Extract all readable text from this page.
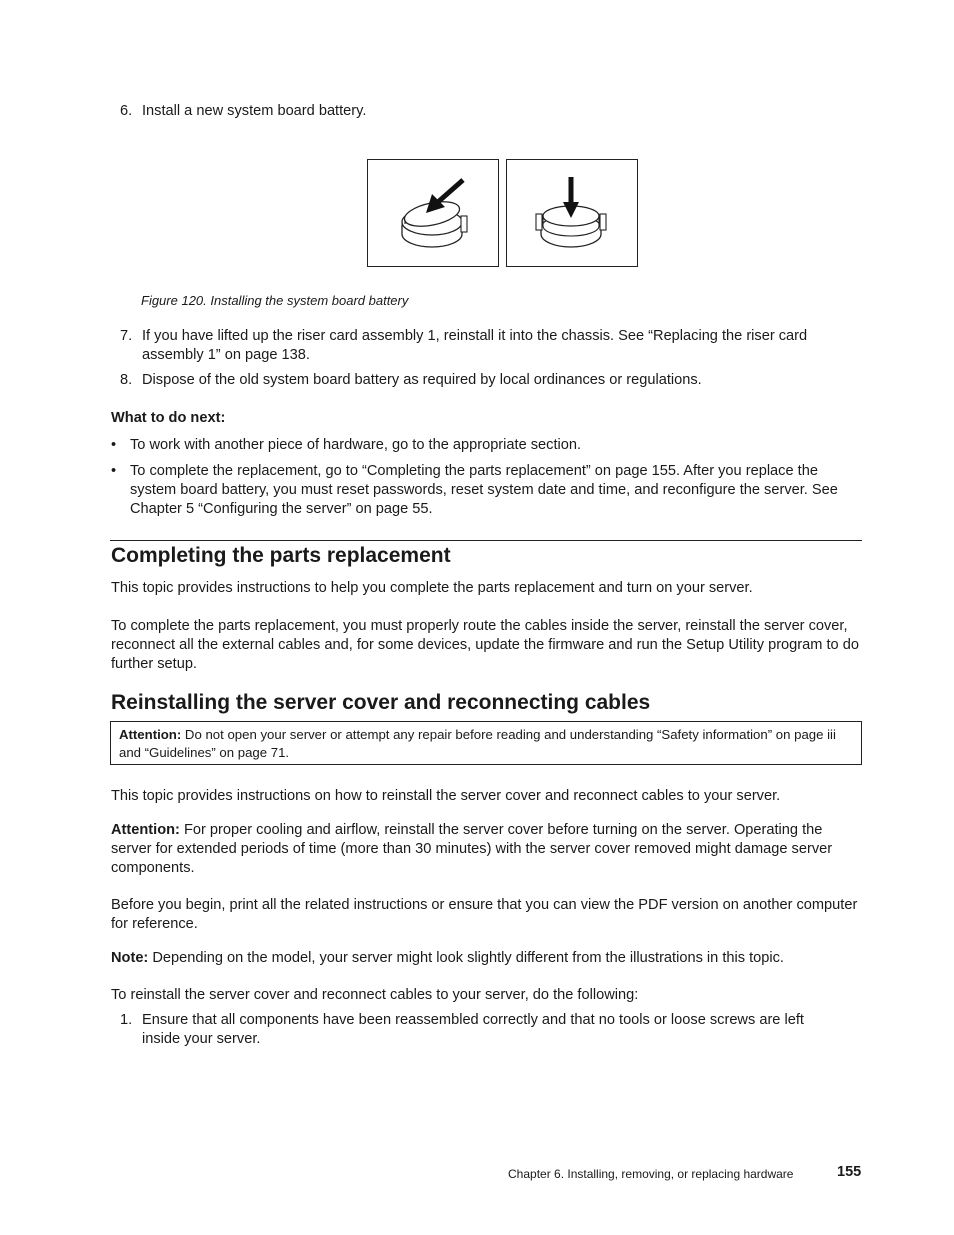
6. Install a new system board battery.
Figure 120. Installing the system board battery
7. If you have lifted up the riser card assembly 1, reinstall it into the chassis. See “Replacing the riser card assembly 1” on page 138.
8. Dispose of the old system board battery as required by local ordinances or regulations.
What to do next:
• To work with another piece of hardware, go to the appropriate section.
• To complete the replacement, go to “Completing the parts replacement” on page 155. After you replace the system board battery, you must reset passwords, reset system date and time, and reconfigure the server. See Chapter 5 “Configuring the server” on page 55.
Completing the parts replacement
This topic provides instructions to help you complete the parts replacement and turn on your server.
To complete the parts replacement, you must properly route the cables inside the server, reinstall the server cover, reconnect all the external cables and, for some devices, update the firmware and run the Setup Utility program to do further setup.
Reinstalling the server cover and reconnecting cables
Attention: Do not open your server or attempt any repair before reading and understanding “Safety information” on page iii and “Guidelines” on page 71.
This topic provides instructions on how to reinstall the server cover and reconnect cables to your server.
Attention: For proper cooling and airflow, reinstall the server cover before turning on the server. Operating the server for extended periods of time (more than 30 minutes) with the server cover removed might damage server components.
Before you begin, print all the related instructions or ensure that you can view the PDF version on another computer for reference.
Note: Depending on the model, your server might look slightly different from the illustrations in this topic.
To reinstall the server cover and reconnect cables to your server, do the following:
1. Ensure that all components have been reassembled correctly and that no tools or loose screws are left inside your server.
Chapter 6. Installing, removing, or replacing hardware	155
